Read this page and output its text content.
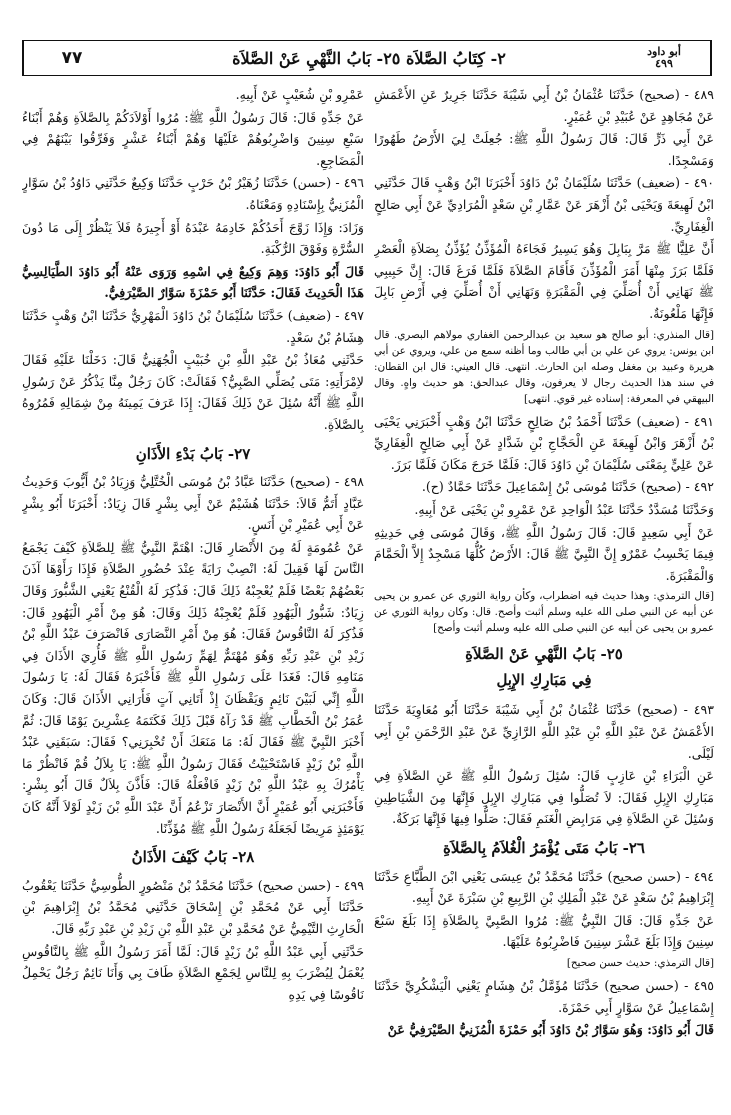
٧٧	٢- كِتَابُ الصَّلاَة ٢٥- بَابُ النَّهْيِ عَنْ الصَّلاَة	أبو داود
٤٩٩

٤٨٩ - (صحيح) حَدَّثَنَا عُثْمَانُ بْنُ أَبِي شَيْبَةَ حَدَّثَنَا جَرِيرٌ عَنِ الأَعْمَشِ عَنْ مُجَاهِدٍ عَنْ عُبَيْدِ بْنِ عُمَيْرٍ.

عَنْ أَبِي ذَرٍّ قَالَ: قَالَ رَسُولُ اللَّهِ ﷺ: جُعِلَتْ لِيَ الأَرْضُ طَهُورًا وَمَسْجِدًا.

٤٩٠ - (ضعيف) حَدَّثَنَا سُلَيْمَانُ بْنُ دَاوُدَ أَخْبَرَنَا ابْنُ وَهْبٍ قَالَ حَدَّثَنِي ابْنُ لَهِيعَةَ وَيَحْيَى بْنُ أَزْهَرَ عَنْ عَمَّارِ بْنِ سَعْدٍ الْمُرَادِيِّ عَنْ أَبِي صَالِحٍ الْغِفَارِيِّ.

أَنَّ عَلِيًّا ﷺ مَرَّ بِبَابِلَ وَهُوَ يَسِيرُ فَجَاءَهُ الْمُؤَذِّنُ يُؤَذِّنُ بِصَلاَةِ الْعَصْرِ فَلَمَّا بَرَزَ مِنْهَا أَمَرَ الْمُؤَذِّنَ فَأَقَامَ الصَّلاَةَ فَلَمَّا فَرَغَ قَالَ: إِنَّ حَبِيبِي ﷺ نَهَانِي أَنْ أُصَلِّيَ فِي الْمَقْبَرَةِ وَنَهَانِي أَنْ أُصَلِّيَ فِي أَرْضِ بَابِلَ فَإِنَّهَا مَلْعُونَةٌ.

[قال المنذري: أبو صالح هو سعيد بن عبدالرحمن الغفاري مولاهم البصري. قال ابن يونس: يروي عن علي بن أبي طالب وما أظنه سمع من علي، ويروي عن أبي هريرة وعبيد بن مغفل وصله ابن الحارث. انتهى. قال العيني: قال ابن القطان: في سند هذا الحديث رجال لا يعرفون، وقال عبدالحق: هو حديث واهٍ. وقال البيهقي في المعرفة: إسناده غير قوي. انتهى]

٤٩١ - (ضعيف) حَدَّثَنَا أَحْمَدُ بْنُ صَالِحٍ حَدَّثَنَا ابْنُ وَهْبٍ أَخْبَرَنِي يَحْيَى بْنُ أَزْهَرَ وَابْنُ لَهِيعَةَ عَنِ الْحَجَّاجِ بْنِ شَدَّادٍ عَنْ أَبِي صَالِحٍ الْغِفَارِيِّ عَنْ عَلِيٍّ بِمَعْنَى سُلَيْمَانَ بْنِ دَاوُدَ قَالَ: فَلَمَّا خَرَجَ مَكَانَ فَلَمَّا بَرَزَ.

٤٩٢ - (صحيح) حَدَّثَنَا مُوسَى بْنُ إِسْمَاعِيلَ حَدَّثَنَا حَمَّادٌ (ح).

وَحَدَّثَنَا مُسَدَّدٌ حَدَّثَنَا عَبْدُ الْوَاحِدِ عَنْ عَمْرِو بْنِ يَحْيَى عَنْ أَبِيهِ.

عَنْ أَبِي سَعِيدٍ قَالَ: قَالَ رَسُولُ اللَّهِ ﷺ، وَقَالَ مُوسَى فِي حَدِيثِهِ فِيمَا يَحْسِبُ عَمْرٌو إِنَّ النَّبِيَّ ﷺ قَالَ: الأَرْضُ كُلُّهَا مَسْجِدٌ إِلاَّ الْحَمَّامَ وَالْمَقْبَرَةَ.

[قال الترمذي: وهذا حديث فيه اضطراب، وكأن رواية الثوري عن عمرو بن يحيى عن أبيه عن النبي صلى الله عليه وسلم أثبت وأصح. قال: وكان رواية الثوري عن عمرو بن يحيى عن أبيه عن النبي صلى الله عليه وسلم أثبت وأصح]

٢٥- بَابُ النَّهْيِ عَنْ الصَّلاَةِ
فِي مَبَارِكِ الإِبِلِ

٤٩٣ - (صحيح) حَدَّثَنَا عُثْمَانُ بْنُ أَبِي شَيْبَةَ حَدَّثَنَا أَبُو مُعَاوِيَةَ حَدَّثَنَا الأَعْمَشُ عَنْ عَبْدِ اللَّهِ بْنِ عَبْدِ اللَّهِ الرَّازِيِّ عَنْ عَبْدِ الرَّحْمَنِ بْنِ أَبِي لَيْلَى.

عَنِ الْبَرَاءِ بْنِ عَازِبٍ قَالَ: سُئِلَ رَسُولُ اللَّهِ ﷺ عَنِ الصَّلاَةِ فِي مَبَارِكِ الإِبِلِ فَقَالَ: لاَ تُصَلُّوا فِي مَبَارِكِ الإِبِلِ فَإِنَّهَا مِنَ الشَّيَاطِينِ وَسُئِلَ عَنِ الصَّلاَةِ فِي مَرَابِضِ الْغَنَمِ فَقَالَ: صَلُّوا فِيهَا فَإِنَّهَا بَرَكَةٌ.

٢٦- بَابُ مَتَى يُؤْمَرُ الْغُلاَمُ بِالصَّلاَةِ

٤٩٤ - (حسن صحيح) حَدَّثَنَا مُحَمَّدُ بْنُ عِيسَى يَعْنِي ابْنَ الطَّبَّاعِ حَدَّثَنَا إِبْرَاهِيمُ بْنُ سَعْدٍ عَنْ عَبْدِ الْمَلِكِ بْنِ الرَّبِيعِ بْنِ سَبْرَةَ عَنْ أَبِيهِ.

عَنْ جَدِّهِ قَالَ: قَالَ النَّبِيُّ ﷺ: مُرُوا الصَّبِيَّ بِالصَّلاَةِ إِذَا بَلَغَ سَبْعَ سِنِينَ وَإِذَا بَلَغَ عَشْرَ سِنِينَ فَاضْرِبُوهُ عَلَيْهَا.

[قال الترمذي: حديث حسن صحيح]

٤٩٥ - (حسن صحيح) حَدَّثَنَا مُؤَمَّلُ بْنُ هِشَامٍ يَعْنِي الْيَشْكُرِيَّ حَدَّثَنَا إِسْمَاعِيلُ عَنْ سَوَّارٍ أَبِي حَمْزَةَ.

قَالَ أَبُو دَاوُدَ: وَهُوَ سَوَّارُ بْنُ دَاوُدَ أَبُو حَمْزَةَ الْمُزَنِيُّ الصَّيْرَفِيُّ عَنْ

عَمْرِو بْنِ شُعَيْبٍ عَنْ أَبِيهِ.

عَنْ جَدِّهِ قَالَ: قَالَ رَسُولُ اللَّهِ ﷺ: مُرُوا أَوْلاَدَكُمْ بِالصَّلاَةِ وَهُمْ أَبْنَاءُ سَبْعِ سِنِينَ وَاضْرِبُوهُمْ عَلَيْهَا وَهُمْ أَبْنَاءُ عَشْرٍ وَفَرِّقُوا بَيْنَهُمْ فِي الْمَضَاجِعِ.

٤٩٦ - (حسن) حَدَّثَنَا زُهَيْرُ بْنُ حَرْبٍ حَدَّثَنَا وَكِيعٌ حَدَّثَنِي دَاوُدُ بْنُ سَوَّارٍ الْمُزَنِيُّ بِإِسْنَادِهِ وَمَعْنَاهُ.

وَزَادَ: وَإِذَا زَوَّجَ أَحَدُكُمْ خَادِمَهُ عَبْدَهُ أَوْ أَجِيرَهُ فَلاَ يَنْظُرْ إِلَى مَا دُونَ السُّرَّةِ وَفَوْقَ الرُّكْبَةِ.

قَالَ أَبُو دَاوُدَ: وَهِمَ وَكِيعٌ فِي اسْمِهِ وَرَوَى عَنْهُ أَبُو دَاوُدَ الطَّيَالِسِيُّ هَذَا الْحَدِيثَ فَقَالَ: حَدَّثَنَا أَبُو حَمْزَةَ سَوَّارٌ الصَّيْرَفِيُّ.

٤٩٧ - (ضعيف) حَدَّثَنَا سُلَيْمَانُ بْنُ دَاوُدَ الْمَهْرِيُّ حَدَّثَنَا ابْنُ وَهْبٍ حَدَّثَنَا هِشَامُ بْنُ سَعْدٍ.

حَدَّثَنِي مُعَاذُ بْنُ عَبْدِ اللَّهِ بْنِ خُبَيْبٍ الْجُهَنِيُّ قَالَ: دَخَلْنَا عَلَيْهِ فَقَالَ لاِمْرَأَتِهِ: مَتَى يُصَلِّي الصَّبِيُّ؟ فَقَالَتْ: كَانَ رَجُلٌ مِنَّا يَذْكُرُ عَنْ رَسُولِ اللَّهِ ﷺ أَنَّهُ سُئِلَ عَنْ ذَلِكَ فَقَالَ: إِذَا عَرَفَ يَمِينَهُ مِنْ شِمَالِهِ فَمُرُوهُ بِالصَّلاَةِ.

٢٧- بَابُ بَدْءِ الأَذَانِ

٤٩٨ - (صحيح) حَدَّثَنَا عَبَّادُ بْنُ مُوسَى الْخُتَّلِيُّ وَزِيَادُ بْنُ أَيُّوبَ وَحَدِيثُ عَبَّادٍ أَتَمُّ قَالاَ: حَدَّثَنَا هُشَيْمٌ عَنْ أَبِي بِشْرٍ قَالَ زِيَادٌ: أَخْبَرَنَا أَبُو بِشْرٍ عَنْ أَبِي عُمَيْرِ بْنِ أَنَسٍ.

عَنْ عُمُومَةٍ لَهُ مِنَ الأَنْصَارِ قَالَ: اهْتَمَّ النَّبِيُّ ﷺ لِلصَّلاَةِ كَيْفَ يَجْمَعُ النَّاسَ لَهَا فَقِيلَ لَهُ: انْصِبْ رَايَةً عِنْدَ حُضُورِ الصَّلاَةِ فَإِذَا رَأَوْهَا آذَنَ بَعْضُهُمْ بَعْضًا فَلَمْ يُعْجِبْهُ ذَلِكَ قَالَ: فَذُكِرَ لَهُ الْقُنْعُ يَعْنِي الشَّبُّورَ وَقَالَ زِيَادٌ: شَبُّورُ الْيَهُودِ فَلَمْ يُعْجِبْهُ ذَلِكَ وَقَالَ: هُوَ مِنْ أَمْرِ الْيَهُودِ قَالَ: فَذُكِرَ لَهُ النَّاقُوسُ فَقَالَ: هُوَ مِنْ أَمْرِ النَّصَارَى فَانْصَرَفَ عَبْدُ اللَّهِ بْنُ زَيْدِ بْنِ عَبْدِ رَبِّهِ وَهُوَ مُهْتَمٌّ لِهَمِّ رَسُولِ اللَّهِ ﷺ فَأُرِيَ الأَذَانَ فِي مَنَامِهِ قَالَ: فَغَدَا عَلَى رَسُولِ اللَّهِ ﷺ فَأَخْبَرَهُ فَقَالَ لَهُ: يَا رَسُولَ اللَّهِ إِنِّي لَبَيْنَ نَائِمٍ وَيَقْظَانَ إِذْ أَتَانِي آتٍ فَأَرَانِي الأَذَانَ قَالَ: وَكَانَ عُمَرُ بْنُ الْخَطَّابِ ﷺ قَدْ رَآهُ قَبْلَ ذَلِكَ فَكَتَمَهُ عِشْرِينَ يَوْمًا قَالَ: ثُمَّ أَخْبَرَ النَّبِيَّ ﷺ فَقَالَ لَهُ: مَا مَنَعَكَ أَنْ تُخْبِرَنِي؟ فَقَالَ: سَبَقَنِي عَبْدُ اللَّهِ بْنُ زَيْدٍ فَاسْتَحْيَيْتُ فَقَالَ رَسُولُ اللَّهِ ﷺ: يَا بِلاَلُ قُمْ فَانْظُرْ مَا يَأْمُرُكَ بِهِ عَبْدُ اللَّهِ بْنُ زَيْدٍ فَافْعَلْهُ قَالَ: فَأَذَّنَ بِلاَلٌ قَالَ أَبُو بِشْرٍ: فَأَخْبَرَنِي أَبُو عُمَيْرٍ أَنَّ الأَنْصَارَ تَزْعُمُ أَنَّ عَبْدَ اللَّهِ بْنَ زَيْدٍ لَوْلاَ أَنَّهُ كَانَ يَوْمَئِذٍ مَرِيضًا لَجَعَلَهُ رَسُولُ اللَّهِ ﷺ مُؤَذِّنًا.

٢٨- بَابُ كَيْفَ الأَذَانُ

٤٩٩ - (حسن صحيح) حَدَّثَنَا مُحَمَّدُ بْنُ مَنْصُورٍ الطُّوسِيُّ حَدَّثَنَا يَعْقُوبُ حَدَّثَنَا أَبِي عَنْ مُحَمَّدِ بْنِ إِسْحَاقَ حَدَّثَنِي مُحَمَّدُ بْنُ إِبْرَاهِيمَ بْنِ الْحَارِثِ التَّيْمِيُّ عَنْ مُحَمَّدِ بْنِ عَبْدِ اللَّهِ بْنِ زَيْدِ بْنِ عَبْدِ رَبِّهِ قَالَ.

حَدَّثَنِي أَبِي عَبْدُ اللَّهِ بْنُ زَيْدٍ قَالَ: لَمَّا أَمَرَ رَسُولُ اللَّهِ ﷺ بِالنَّاقُوسِ يُعْمَلُ لِيُضْرَبَ بِهِ لِلنَّاسِ لِجَمْعِ الصَّلاَةِ طَافَ بِي وَأَنَا نَائِمٌ رَجُلٌ يَحْمِلُ نَاقُوسًا فِي يَدِهِ
